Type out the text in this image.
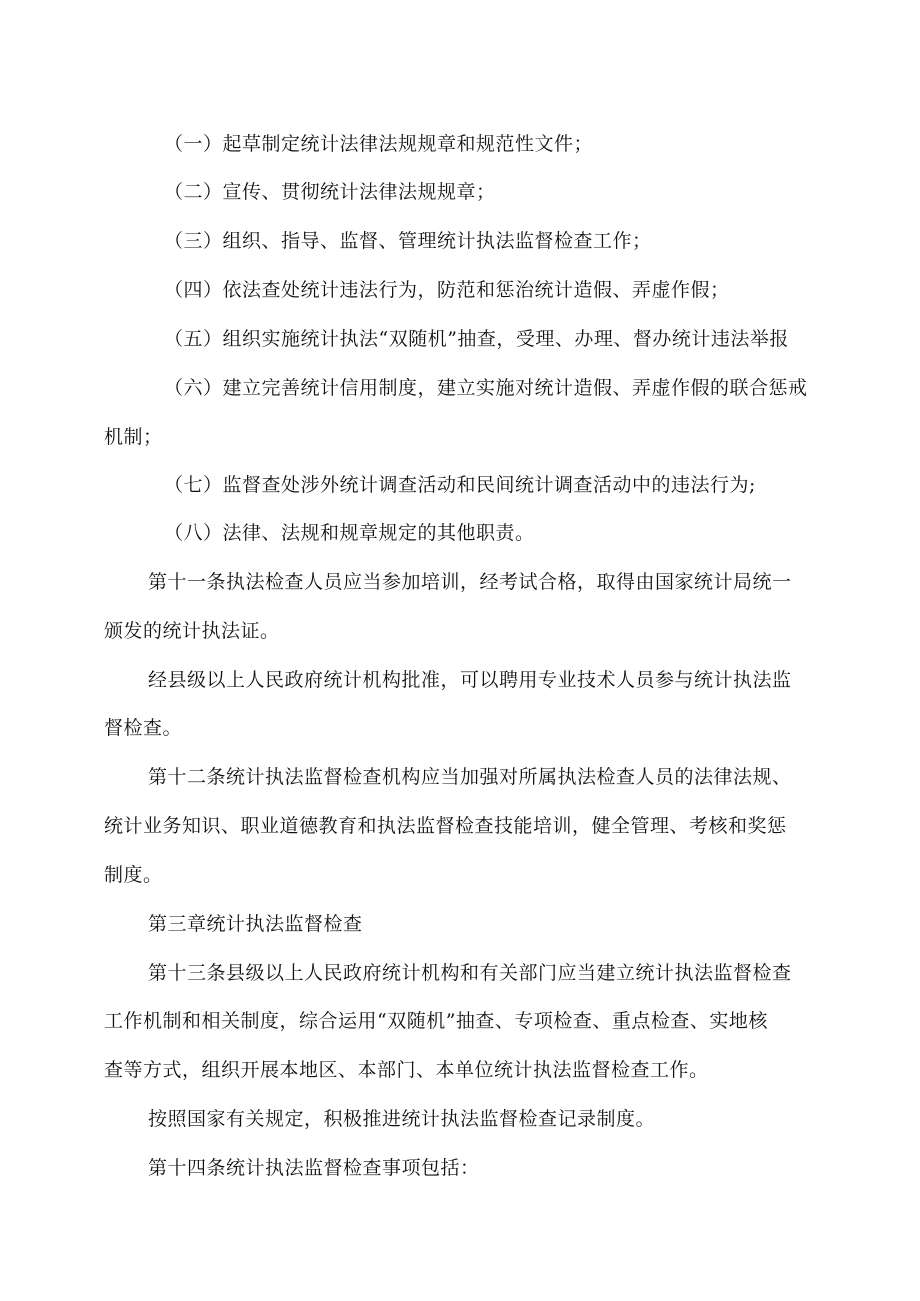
（一）起草制定统计法律法规规章和规范性文件；
（二）宣传、贯彻统计法律法规规章；
（三）组织、指导、监督、管理统计执法监督检查工作；
（四）依法查处统计违法行为，防范和惩治统计造假、弄虚作假；
（五）组织实施统计执法“双随机”抽查，受理、办理、督办统计违法举报
（六）建立完善统计信用制度，建立实施对统计造假、弄虚作假的联合惩戒
机制；
（七）监督查处涉外统计调查活动和民间统计调查活动中的违法行为;
（八）法律、法规和规章规定的其他职责。
第十一条执法检查人员应当参加培训，经考试合格，取得由国家统计局统一
颁发的统计执法证。
经县级以上人民政府统计机构批准，可以聘用专业技术人员参与统计执法监
督检查。
第十二条统计执法监督检查机构应当加强对所属执法检查人员的法律法规、
统计业务知识、职业道德教育和执法监督检查技能培训，健全管理、考核和奖惩
制度。
第三章统计执法监督检查
第十三条县级以上人民政府统计机构和有关部门应当建立统计执法监督检查
工作机制和相关制度，综合运用“双随机”抽查、专项检查、重点检查、实地核
查等方式，组织开展本地区、本部门、本单位统计执法监督检查工作。
按照国家有关规定，积极推进统计执法监督检查记录制度。
第十四条统计执法监督检查事项包括：
